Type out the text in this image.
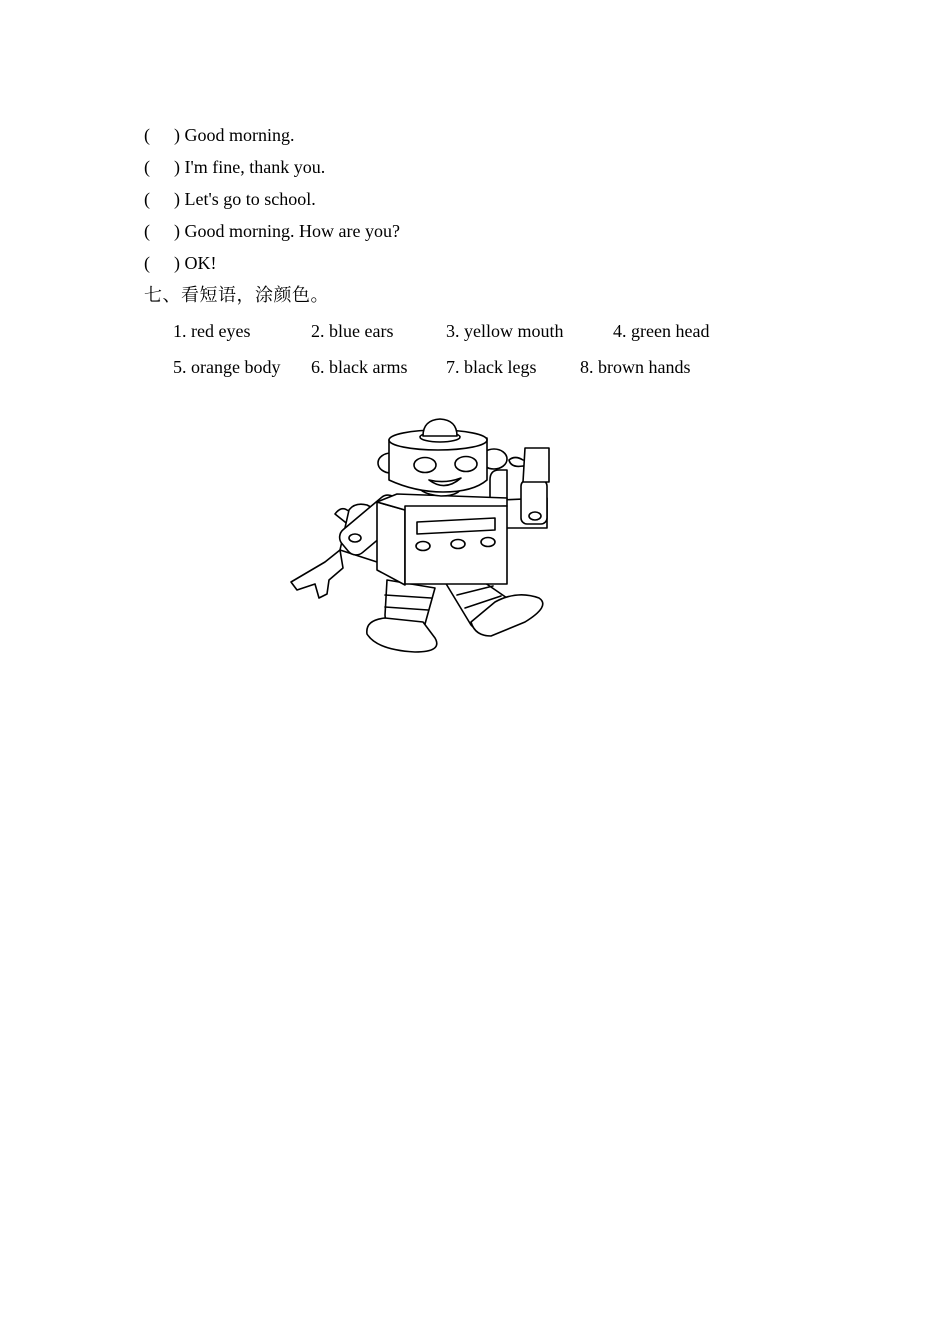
( ) Good morning.
( ) I'm fine, thank you.
( ) Let's go to school.
( ) Good morning. How are you?
( ) OK!
七、看短语，涂颜色。
1. red eyes	2. blue ears	3. yellow mouth	4. green head
5. orange body 6. black arms 7. black legs 8. brown hands
